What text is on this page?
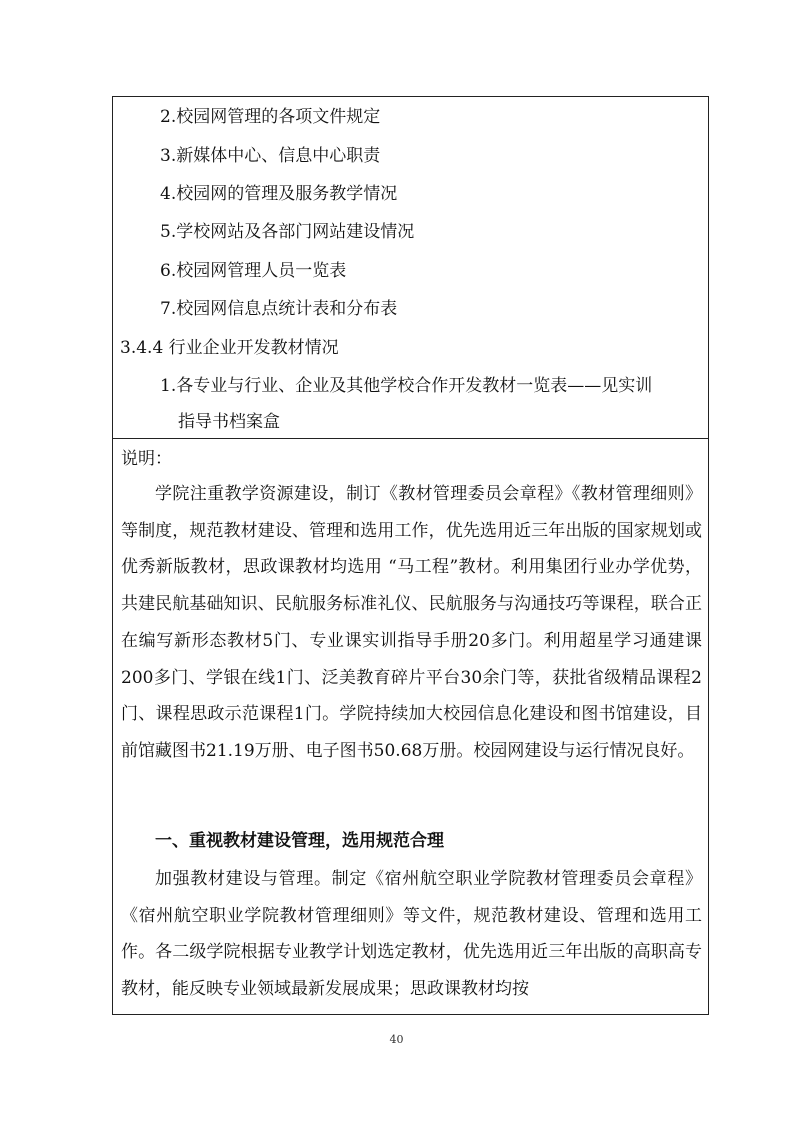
2.校园网管理的各项文件规定
3.新媒体中心、信息中心职责
4.校园网的管理及服务教学情况
5.学校网站及各部门网站建设情况
6.校园网管理人员一览表
7.校园网信息点统计表和分布表
3.4.4 行业企业开发教材情况
1.各专业与行业、企业及其他学校合作开发教材一览表——见实训
指导书档案盒
说明：
学院注重教学资源建设，制订《教材管理委员会章程》《教材管理细则》等制度，规范教材建设、管理和选用工作，优先选用近三年出版的国家规划或优秀新版教材，思政课教材均选用 “马工程”教材。利用集团行业办学优势，共建民航基础知识、民航服务标准礼仪、民航服务与沟通技巧等课程，联合正在编写新形态教材5门、专业课实训指导手册20多门。利用超星学习通建课200多门、学银在线1门、泛美教育碎片平台30余门等，获批省级精品课程2门、课程思政示范课程1门。学院持续加大校园信息化建设和图书馆建设，目前馆藏图书21.19万册、电子图书50.68万册。校园网建设与运行情况良好。
一、重视教材建设管理，选用规范合理
加强教材建设与管理。制定《宿州航空职业学院教材管理委员会章程》《宿州航空职业学院教材管理细则》等文件，规范教材建设、管理和选用工作。各二级学院根据专业教学计划选定教材，优先选用近三年出版的高职高专教材，能反映专业领域最新发展成果；思政课教材均按
40
